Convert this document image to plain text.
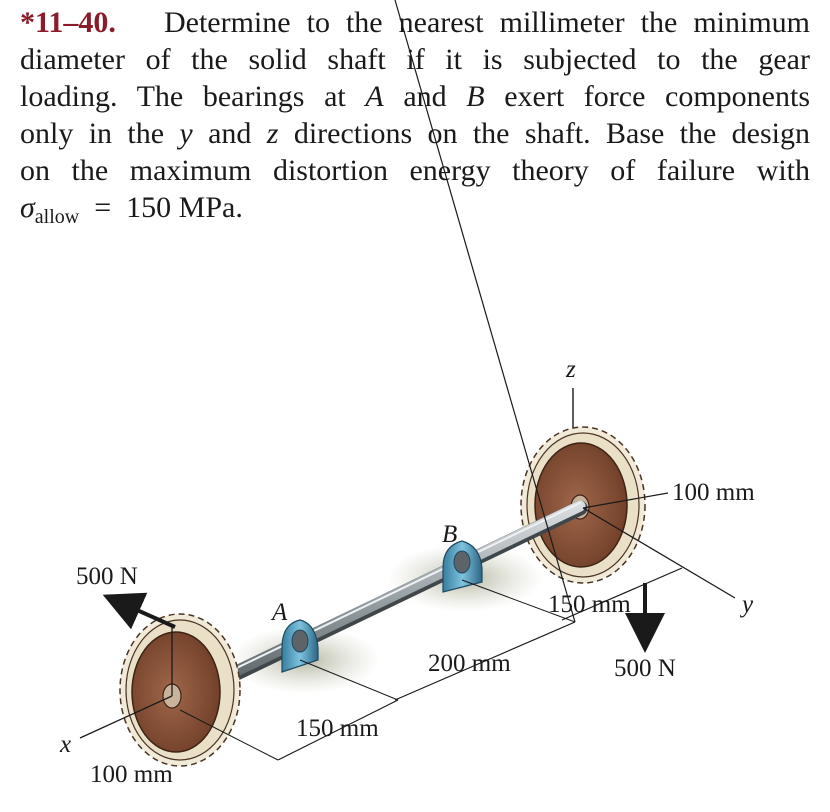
*11–40. Determine to the nearest millimeter the minimum
diameter of the solid shaft if it is subjected to the gear
loading. The bearings at A and B exert force components
only in the y and z directions on the shaft. Base the design
on the maximum distortion energy theory of failure with
$\sigma_{allow} = 150$ MPa.
z
x
y
A
B
500 N
500 N
100 mm
100 mm
150 mm
200 mm
150 mm
